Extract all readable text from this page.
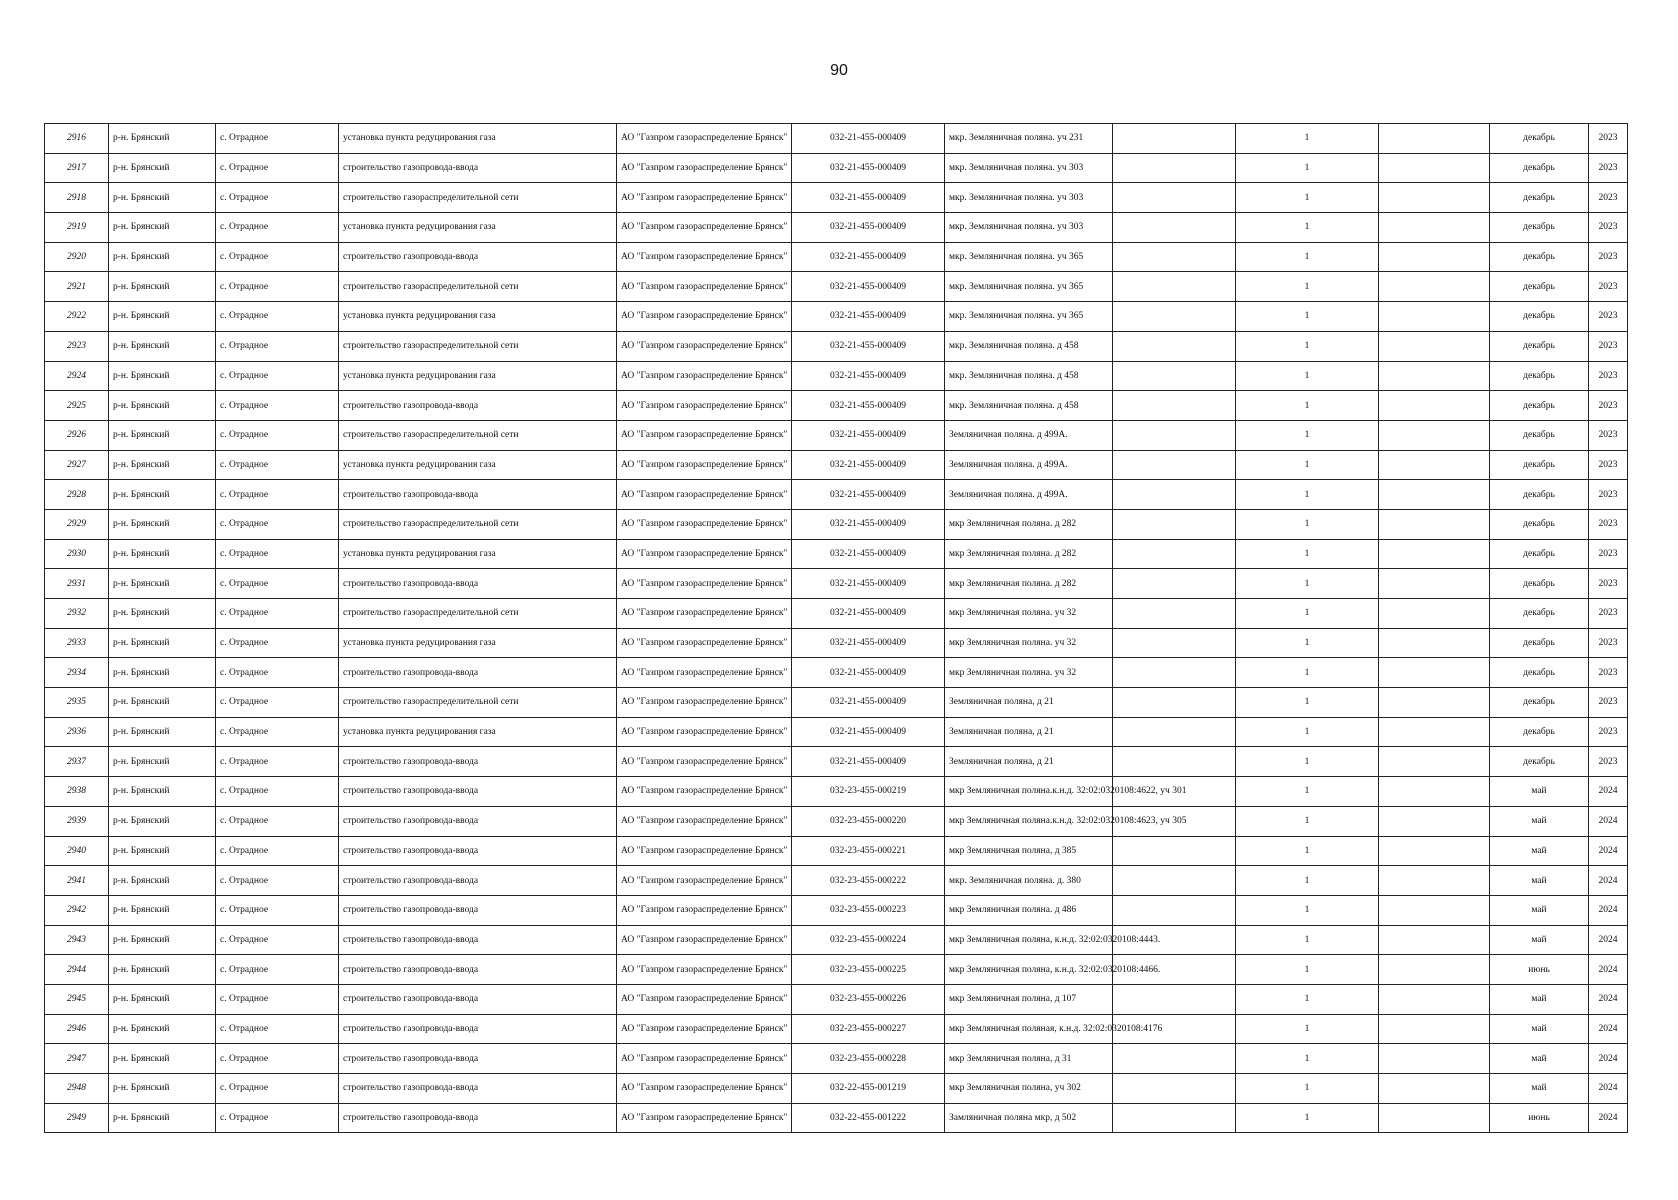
90
2916	р-н. Брянский	с. Отрадное	установка пункта редуцирования газа	АО "Газпром газораспределение Брянск"	032-21-455-000409	мкр. Земляничная поляна. уч 231		1		декабрь	2023
2917	р-н. Брянский	с. Отрадное	строительство газопровода-ввода	АО "Газпром газораспределение Брянск"	032-21-455-000409	мкр. Земляничная поляна. уч 303		1		декабрь	2023
2918	р-н. Брянский	с. Отрадное	строительство газораспределительной сети	АО "Газпром газораспределение Брянск"	032-21-455-000409	мкр. Земляничная поляна. уч 303		1		декабрь	2023
2919	р-н. Брянский	с. Отрадное	установка пункта редуцирования газа	АО "Газпром газораспределение Брянск"	032-21-455-000409	мкр. Земляничная поляна. уч 303		1		декабрь	2023
2920	р-н. Брянский	с. Отрадное	строительство газопровода-ввода	АО "Газпром газораспределение Брянск"	032-21-455-000409	мкр. Земляничная поляна. уч 365		1		декабрь	2023
2921	р-н. Брянский	с. Отрадное	строительство газораспределительной сети	АО "Газпром газораспределение Брянск"	032-21-455-000409	мкр. Земляничная поляна. уч 365		1		декабрь	2023
2922	р-н. Брянский	с. Отрадное	установка пункта редуцирования газа	АО "Газпром газораспределение Брянск"	032-21-455-000409	мкр. Земляничная поляна. уч 365		1		декабрь	2023
2923	р-н. Брянский	с. Отрадное	строительство газораспределительной сети	АО "Газпром газораспределение Брянск"	032-21-455-000409	мкр. Земляничная поляна. д 458		1		декабрь	2023
2924	р-н. Брянский	с. Отрадное	установка пункта редуцирования газа	АО "Газпром газораспределение Брянск"	032-21-455-000409	мкр. Земляничная поляна. д 458		1		декабрь	2023
2925	р-н. Брянский	с. Отрадное	строительство газопровода-ввода	АО "Газпром газораспределение Брянск"	032-21-455-000409	мкр. Земляничная поляна. д 458		1		декабрь	2023
2926	р-н. Брянский	с. Отрадное	строительство газораспределительной сети	АО "Газпром газораспределение Брянск"	032-21-455-000409	Земляничная поляна. д 499А.		1		декабрь	2023
2927	р-н. Брянский	с. Отрадное	установка пункта редуцирования газа	АО "Газпром газораспределение Брянск"	032-21-455-000409	Земляничная поляна. д 499А.		1		декабрь	2023
2928	р-н. Брянский	с. Отрадное	строительство газопровода-ввода	АО "Газпром газораспределение Брянск"	032-21-455-000409	Земляничная поляна. д 499А.		1		декабрь	2023
2929	р-н. Брянский	с. Отрадное	строительство газораспределительной сети	АО "Газпром газораспределение Брянск"	032-21-455-000409	мкр Земляничная поляна. д 282		1		декабрь	2023
2930	р-н. Брянский	с. Отрадное	установка пункта редуцирования газа	АО "Газпром газораспределение Брянск"	032-21-455-000409	мкр Земляничная поляна. д 282		1		декабрь	2023
2931	р-н. Брянский	с. Отрадное	строительство газопровода-ввода	АО "Газпром газораспределение Брянск"	032-21-455-000409	мкр Земляничная поляна. д 282		1		декабрь	2023
2932	р-н. Брянский	с. Отрадное	строительство газораспределительной сети	АО "Газпром газораспределение Брянск"	032-21-455-000409	мкр Земляничная поляна. уч 32		1		декабрь	2023
2933	р-н. Брянский	с. Отрадное	установка пункта редуцирования газа	АО "Газпром газораспределение Брянск"	032-21-455-000409	мкр Земляничная поляна. уч 32		1		декабрь	2023
2934	р-н. Брянский	с. Отрадное	строительство газопровода-ввода	АО "Газпром газораспределение Брянск"	032-21-455-000409	мкр Земляничная поляна. уч 32		1		декабрь	2023
2935	р-н. Брянский	с. Отрадное	строительство газораспределительной сети	АО "Газпром газораспределение Брянск"	032-21-455-000409	Земляничная поляна, д 21		1		декабрь	2023
2936	р-н. Брянский	с. Отрадное	установка пункта редуцирования газа	АО "Газпром газораспределение Брянск"	032-21-455-000409	Земляничная поляна, д 21		1		декабрь	2023
2937	р-н. Брянский	с. Отрадное	строительство газопровода-ввода	АО "Газпром газораспределение Брянск"	032-21-455-000409	Земляничная поляна, д 21		1		декабрь	2023
2938	р-н. Брянский	с. Отрадное	строительство газопровода-ввода	АО "Газпром газораспределение Брянск"	032-23-455-000219	мкр Земляничная поляна.к.н.д. 32:02:0320108:4622, уч 301		1		май	2024
2939	р-н. Брянский	с. Отрадное	строительство газопровода-ввода	АО "Газпром газораспределение Брянск"	032-23-455-000220	мкр Земляничная поляна.к.н.д. 32:02:0320108:4623, уч 305		1		май	2024
2940	р-н. Брянский	с. Отрадное	строительство газопровода-ввода	АО "Газпром газораспределение Брянск"	032-23-455-000221	мкр Земляничная поляна, д 385		1		май	2024
2941	р-н. Брянский	с. Отрадное	строительство газопровода-ввода	АО "Газпром газораспределение Брянск"	032-23-455-000222	мкр. Земляничная поляна. д. 380		1		май	2024
2942	р-н. Брянский	с. Отрадное	строительство газопровода-ввода	АО "Газпром газораспределение Брянск"	032-23-455-000223	мкр Земляничная поляна. д 486		1		май	2024
2943	р-н. Брянский	с. Отрадное	строительство газопровода-ввода	АО "Газпром газораспределение Брянск"	032-23-455-000224	мкр Земляничная поляна, к.н.д. 32:02:0320108:4443.		1		май	2024
2944	р-н. Брянский	с. Отрадное	строительство газопровода-ввода	АО "Газпром газораспределение Брянск"	032-23-455-000225	мкр Земляничная поляна, к.н.д. 32:02:0320108:4466.		1		июнь	2024
2945	р-н. Брянский	с. Отрадное	строительство газопровода-ввода	АО "Газпром газораспределение Брянск"	032-23-455-000226	мкр Земляничная поляна, д 107		1		май	2024
2946	р-н. Брянский	с. Отрадное	строительство газопровода-ввода	АО "Газпром газораспределение Брянск"	032-23-455-000227	мкр Земляничная поляная, к.н.д. 32:02:0320108:4176		1		май	2024
2947	р-н. Брянский	с. Отрадное	строительство газопровода-ввода	АО "Газпром газораспределение Брянск"	032-23-455-000228	мкр Земляничная поляна, д 31		1		май	2024
2948	р-н. Брянский	с. Отрадное	строительство газопровода-ввода	АО "Газпром газораспределение Брянск"	032-22-455-001219	мкр Земляничная поляна, уч 302		1		май	2024
2949	р-н. Брянский	с. Отрадное	строительство газопровода-ввода	АО "Газпром газораспределение Брянск"	032-22-455-001222	Замляничная поляна мкр, д 502		1		июнь	2024
